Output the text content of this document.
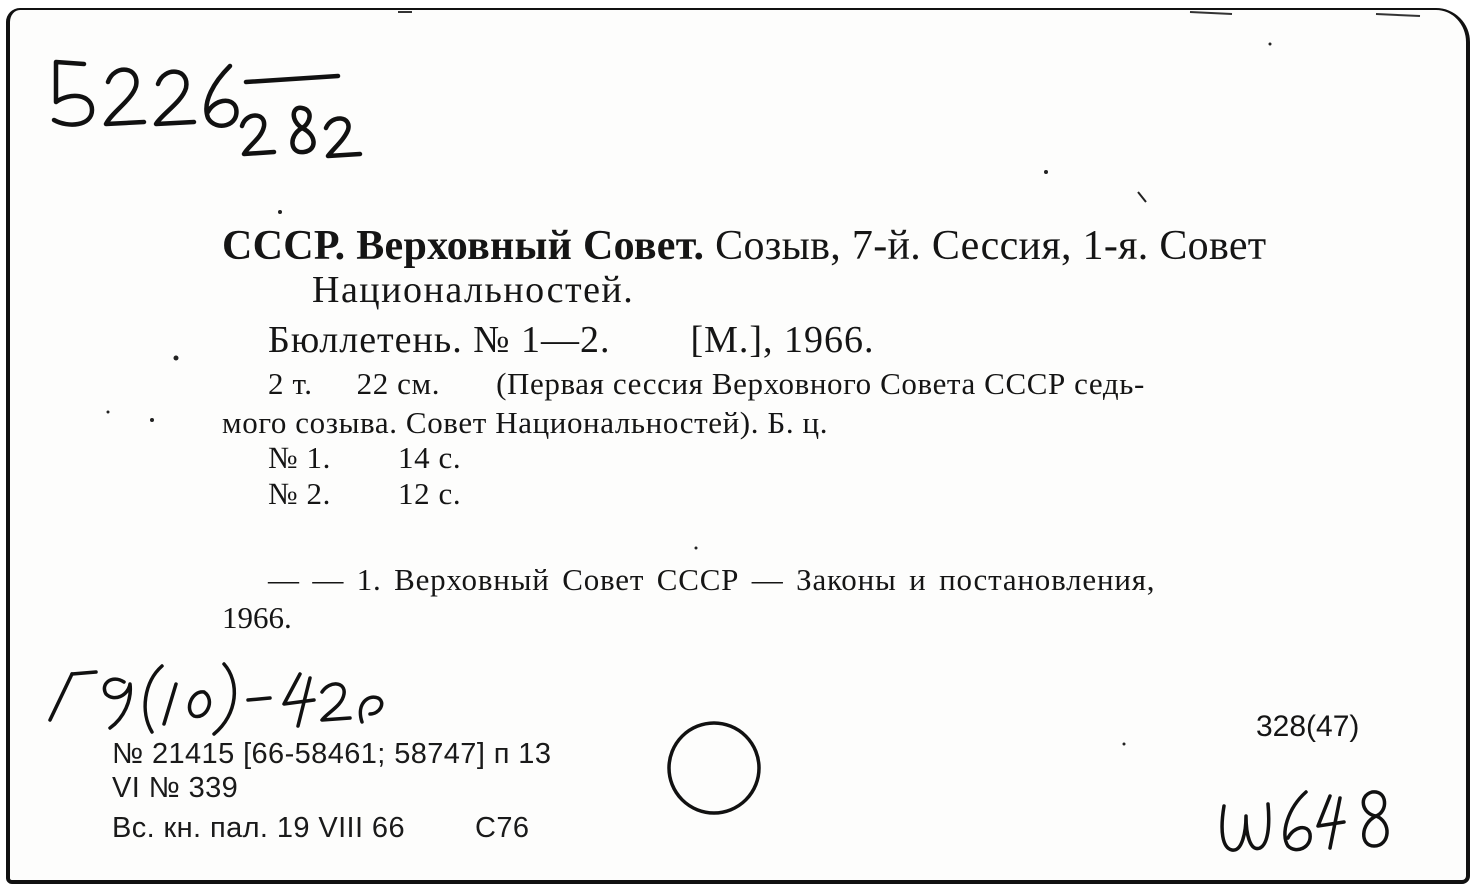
СССР. Верховный Совет. Созыв, 7-й. Сессия, 1-я. Совет
Национальностей.
Бюллетень. № 1—2. [М.], 1966.
2 т. 22 см. (Первая сессия Верховного Совета СССР седь-
мого созыва. Совет Национальностей). Б. ц.
№ 1. 14 с.
№ 2. 12 с.
— — 1. Верховный Совет СССР — Законы и постановления,
1966.
328(47)
№ 21415 [66-58461; 58747] п 13
VI № 339
Вс. кн. пал. 19 VIII 66 С76
